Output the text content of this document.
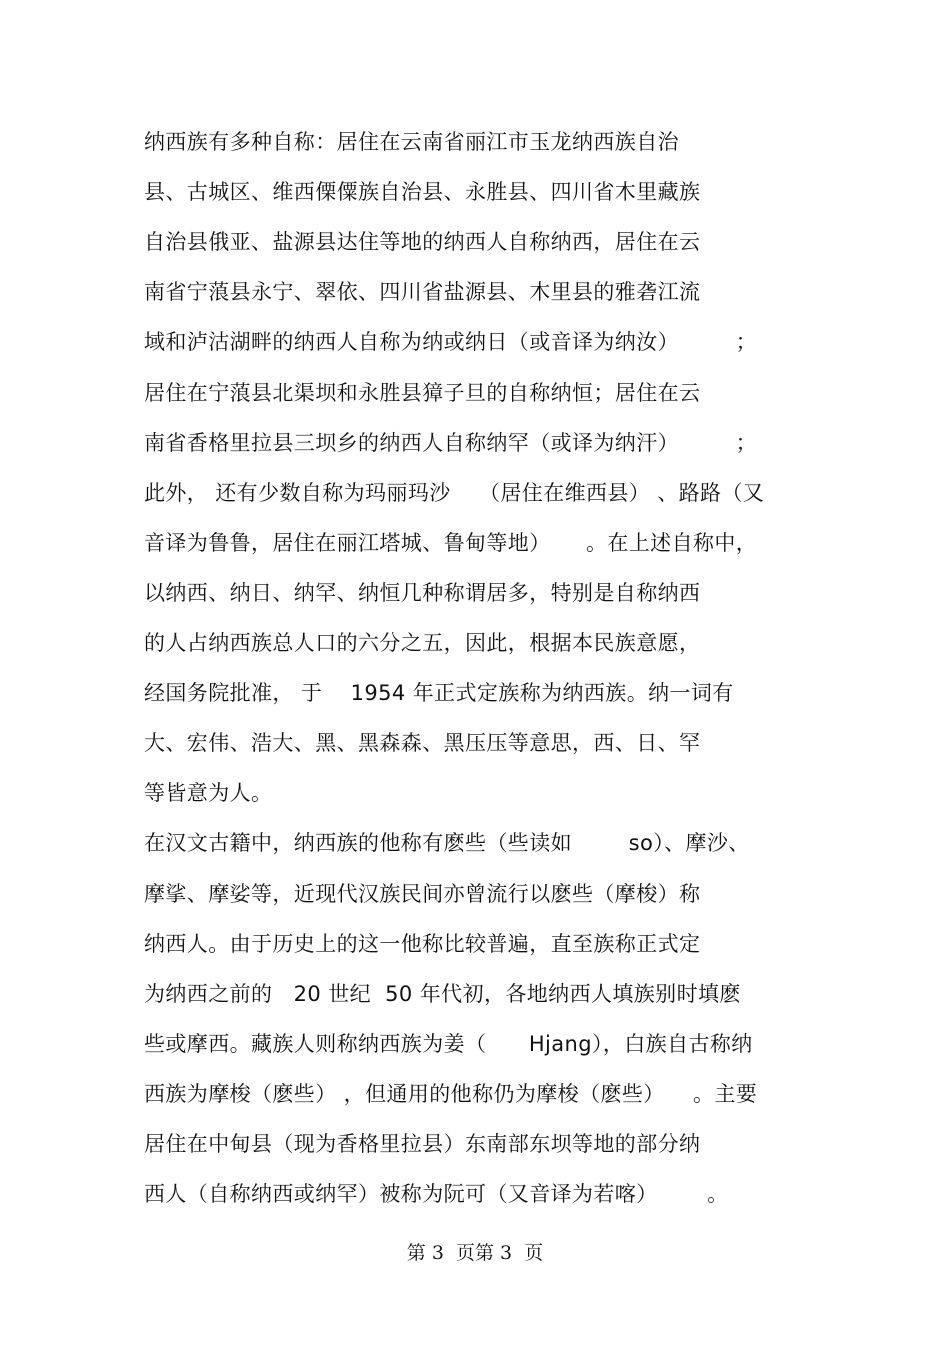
纳西族有多种自称：居住在云南省丽江市玉龙纳西族自治
县、古城区、维西傈僳族自治县、永胜县、四川省木里藏族
自治县俄亚、盐源县达住等地的纳西人自称纳西，居住在云
南省宁蒗县永宁、翠依、四川省盐源县、木里县的雅砻江流
域和泸沽湖畔的纳西人自称为纳或纳日（或音译为纳汝）        ；
居住在宁蒗县北渠坝和永胜县獐子旦的自称纳恒；居住在云
南省香格里拉县三坝乡的纳西人自称纳罕（或译为纳汗）        ；
此外， 还有少数自称为玛丽玛沙    （居住在维西县） 、路路（又
音译为鲁鲁，居住在丽江塔城、鲁甸等地）     。在上述自称中，
以纳西、纳日、纳罕、纳恒几种称谓居多，特别是自称纳西
的人占纳西族总人口的六分之五，因此，根据本民族意愿，
经国务院批准， 于    1954 年正式定族称为纳西族。纳一词有
大、宏伟、浩大、黑、黑森森、黑压压等意思，西、日、罕
等皆意为人。
在汉文古籍中，纳西族的他称有麽些（些读如        so）、摩沙、
摩挲、摩娑等，近现代汉族民间亦曾流行以麽些（摩梭）称
纳西人。由于历史上的这一他称比较普遍，直至族称正式定
为纳西之前的   20 世纪  50 年代初，各地纳西人填族别时填麽
些或摩西。藏族人则称纳西族为姜（      Hjang），白族自古称纳
西族为摩梭（麽些） ，但通用的他称仍为摩梭（麽些）    。主要
居住在中甸县（现为香格里拉县）东南部东坝等地的部分纳
西人（自称纳西或纳罕）被称为阮可（又音译为若喀）       。
第 3  页第 3  页
